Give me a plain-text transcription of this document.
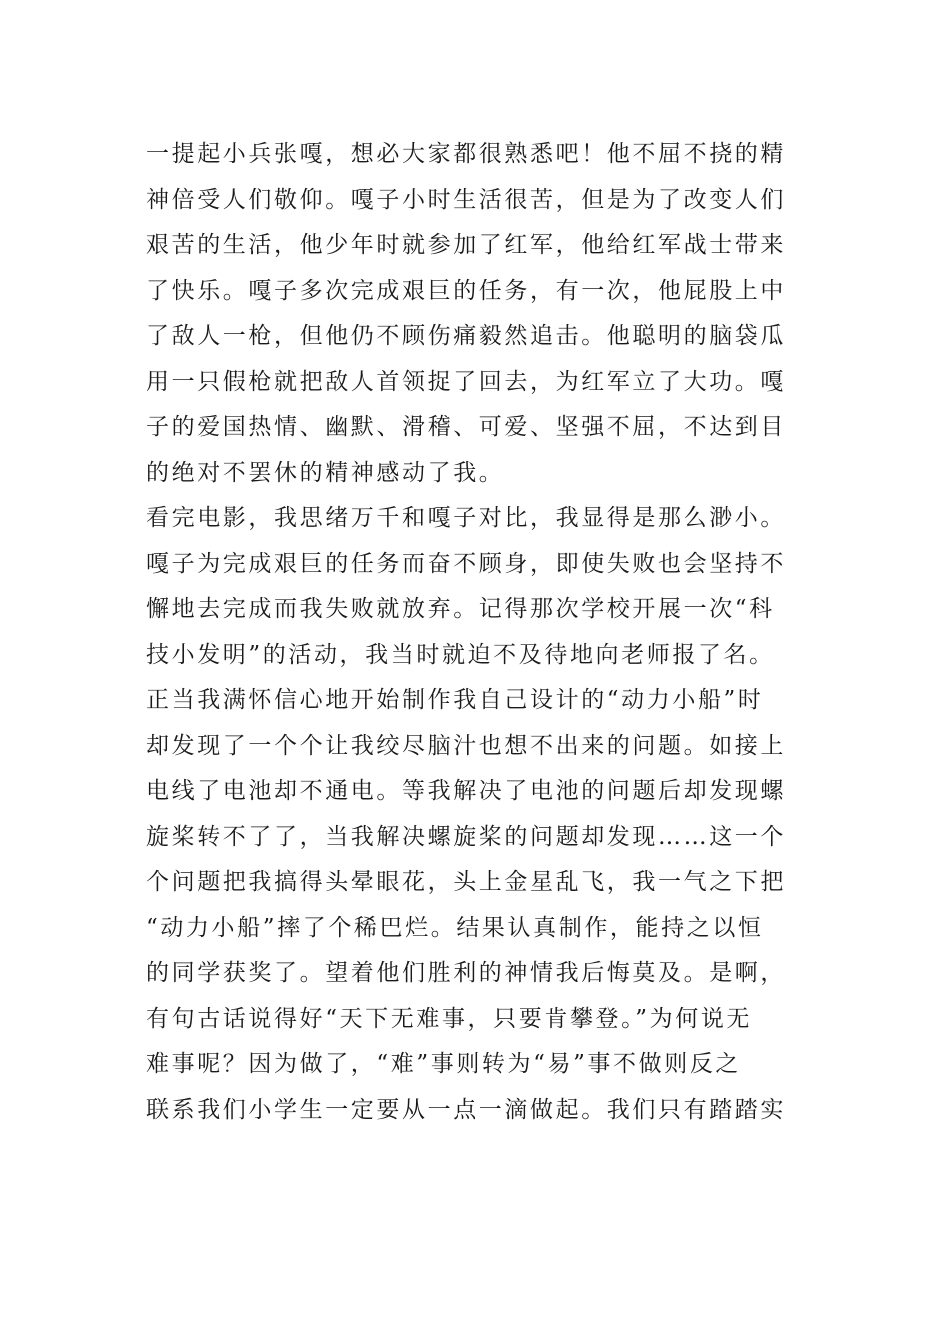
一提起小兵张嘎，想必大家都很熟悉吧！他不屈不挠的精
神倍受人们敬仰。嘎子小时生活很苦，但是为了改变人们
艰苦的生活，他少年时就参加了红军，他给红军战士带来
了快乐。嘎子多次完成艰巨的任务，有一次，他屁股上中
了敌人一枪，但他仍不顾伤痛毅然追击。他聪明的脑袋瓜
用一只假枪就把敌人首领捉了回去，为红军立了大功。嘎
子的爱国热情、幽默、滑稽、可爱、坚强不屈，不达到目
的绝对不罢休的精神感动了我。
看完电影，我思绪万千和嘎子对比，我显得是那么渺小。
嘎子为完成艰巨的任务而奋不顾身，即使失败也会坚持不
懈地去完成而我失败就放弃。记得那次学校开展一次“科
技小发明”的活动，我当时就迫不及待地向老师报了名。
正当我满怀信心地开始制作我自己设计的“动力小船”时
却发现了一个个让我绞尽脑汁也想不出来的问题。如接上
电线了电池却不通电。等我解决了电池的问题后却发现螺
旋桨转不了了，当我解决螺旋桨的问题却发现……这一个
个问题把我搞得头晕眼花，头上金星乱飞，我一气之下把
“动力小船”摔了个稀巴烂。结果认真制作，能持之以恒
的同学获奖了。望着他们胜利的神情我后悔莫及。是啊，
有句古话说得好“天下无难事，只要肯攀登。”为何说无
难事呢？因为做了，“难”事则转为“易”事不做则反之
联系我们小学生一定要从一点一滴做起。我们只有踏踏实
